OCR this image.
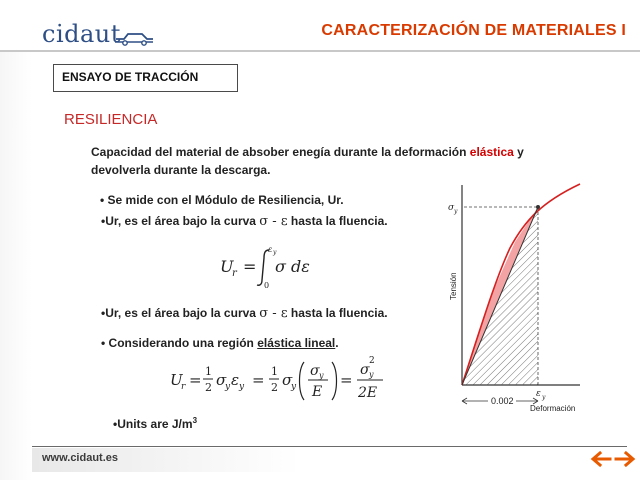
cidaut	CARACTERIZACIÓN DE MATERIALES I
ENSAYO DE TRACCIÓN
RESILIENCIA
Capacidad del material de absober enegía durante la deformación elástica y devolverla durante la descarga.
• Se mide con el Módulo de Resiliencia, Ur.
•Ur, es el área bajo la curva σ - ε hasta la fluencia.
U
r =
ε y
0
σ dε
•Ur, es el área bajo la curva σ - ε hasta la fluencia.
• Considerando una región elástica lineal.
U
r = 1
2 σ
y ε y = 1
2 σ
y
σ y
E
=
σ
2
y
2E
•Units are $J/m^3$
σ y
ε y
0.002
Deformación
Tensión
www.cidaut.es
